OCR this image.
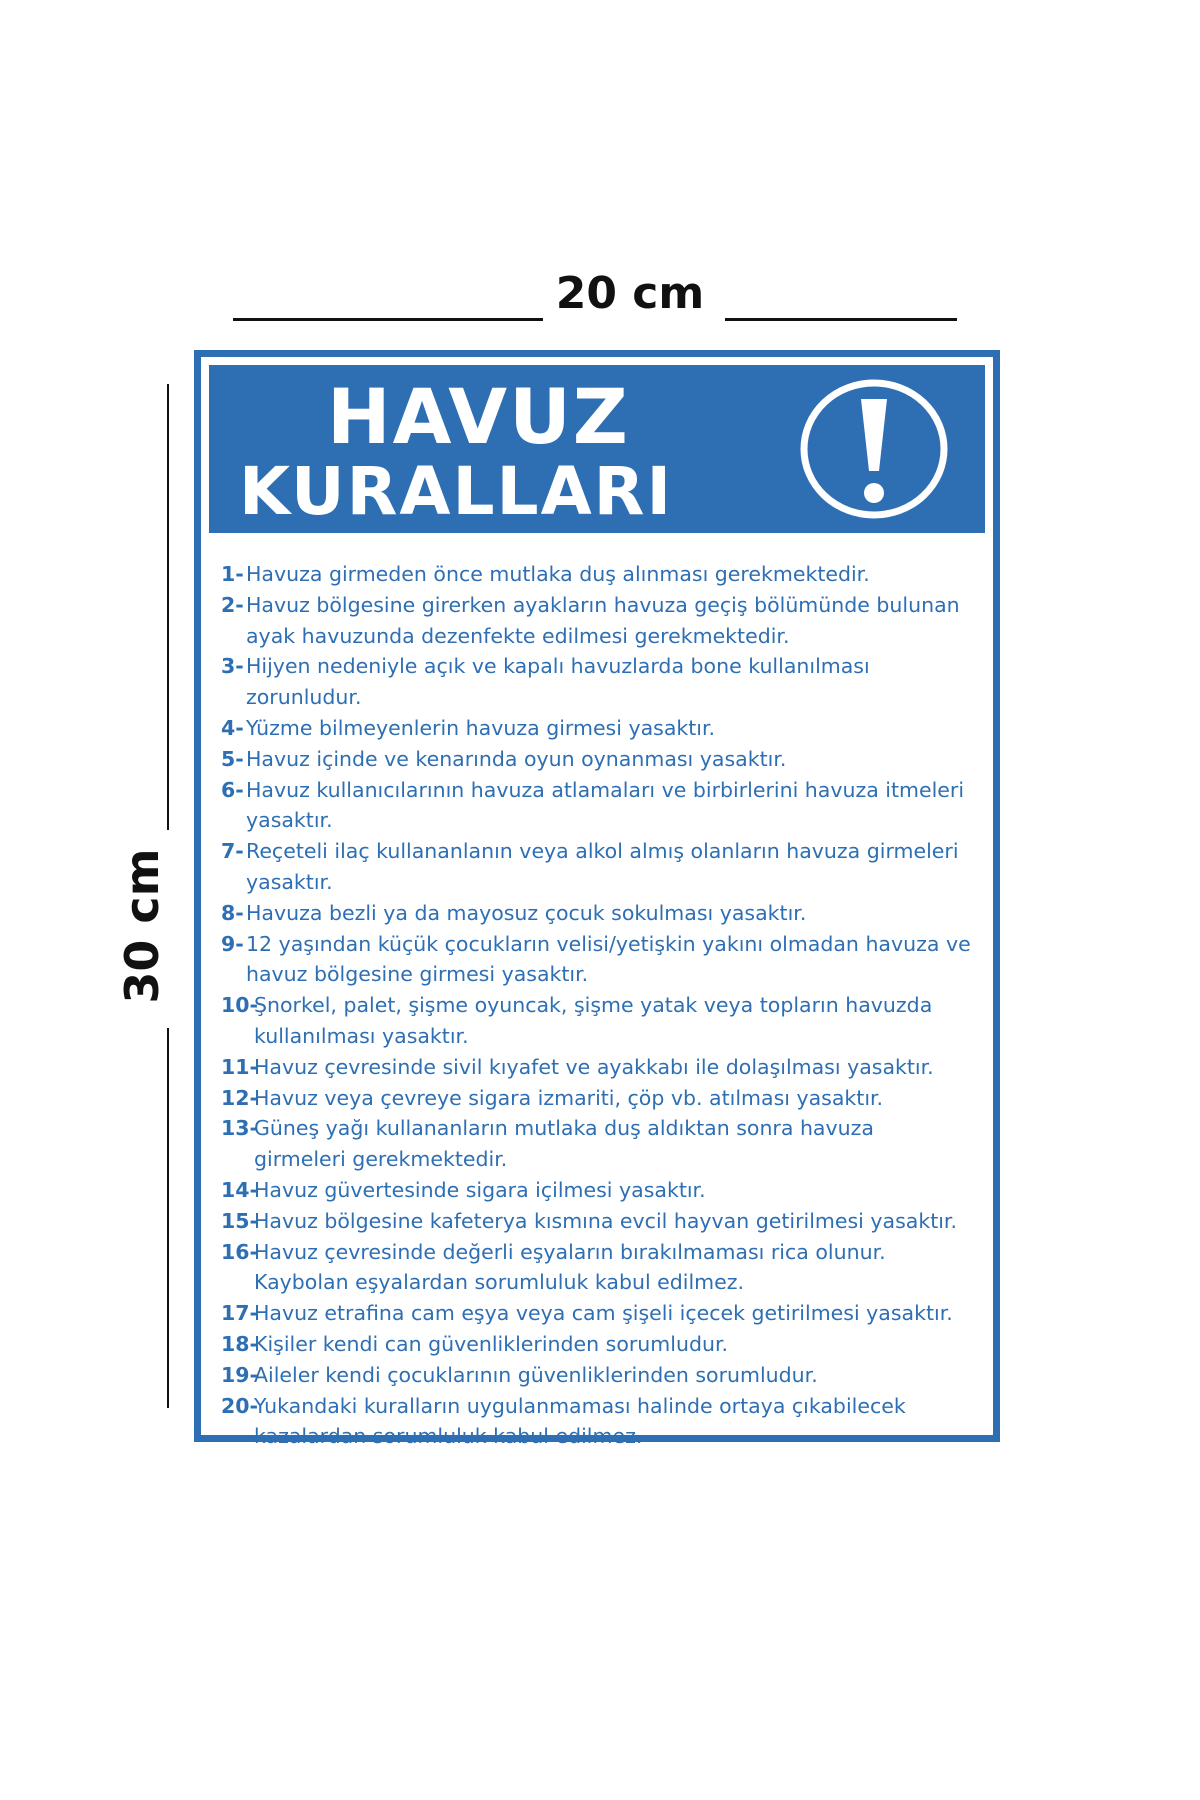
20 cm
30 cm
HAVUZ
KURALLARI
1- Havuza girmeden önce mutlaka duş alınması gerekmektedir.
2- Havuz bölgesine girerken ayakların havuza geçiş bölümünde bulunan
ayak havuzunda dezenfekte edilmesi gerekmektedir.
3- Hijyen nedeniyle açık ve kapalı havuzlarda bone kullanılması zorunludur.
4- Yüzme bilmeyenlerin havuza girmesi yasaktır.
5- Havuz içinde ve kenarında oyun oynanması yasaktır.
6- Havuz kullanıcılarının havuza atlamaları ve birbirlerini havuza itmeleri
yasaktır.
7- Reçeteli ilaç kullananlanın veya alkol almış olanların havuza girmeleri
yasaktır.
8- Havuza bezli ya da mayosuz çocuk sokulması yasaktır.
9- 12 yaşından küçük çocukların velisi/yetişkin yakını olmadan havuza ve
havuz bölgesine girmesi yasaktır.
10-
Şnorkel, palet, şişme oyuncak, şişme yatak veya topların havuzda
kullanılması yasaktır.
11-
Havuz çevresinde sivil kıyafet ve ayakkabı ile dolaşılması yasaktır.
12-
Havuz veya çevreye sigara izmariti, çöp vb. atılması yasaktır.
13-
Güneş yağı kullananların mutlaka duş aldıktan sonra havuza
girmeleri gerekmektedir.
14-
Havuz güvertesinde sigara içilmesi yasaktır.
15-
Havuz bölgesine kafeterya kısmına evcil hayvan getirilmesi yasaktır.
16-
Havuz çevresinde değerli eşyaların bırakılmaması rica olunur.
Kaybolan eşyalardan sorumluluk kabul edilmez.
17-
Havuz etrafina cam eşya veya cam şişeli içecek getirilmesi yasaktır.
18-
Kişiler kendi can güvenliklerinden sorumludur.
19-
Aileler kendi çocuklarının güvenliklerinden sorumludur.
20-
Yukandaki kuralların uygulanmaması halinde ortaya çıkabilecek
kazalardan sorumluluk kabul edilmez.
